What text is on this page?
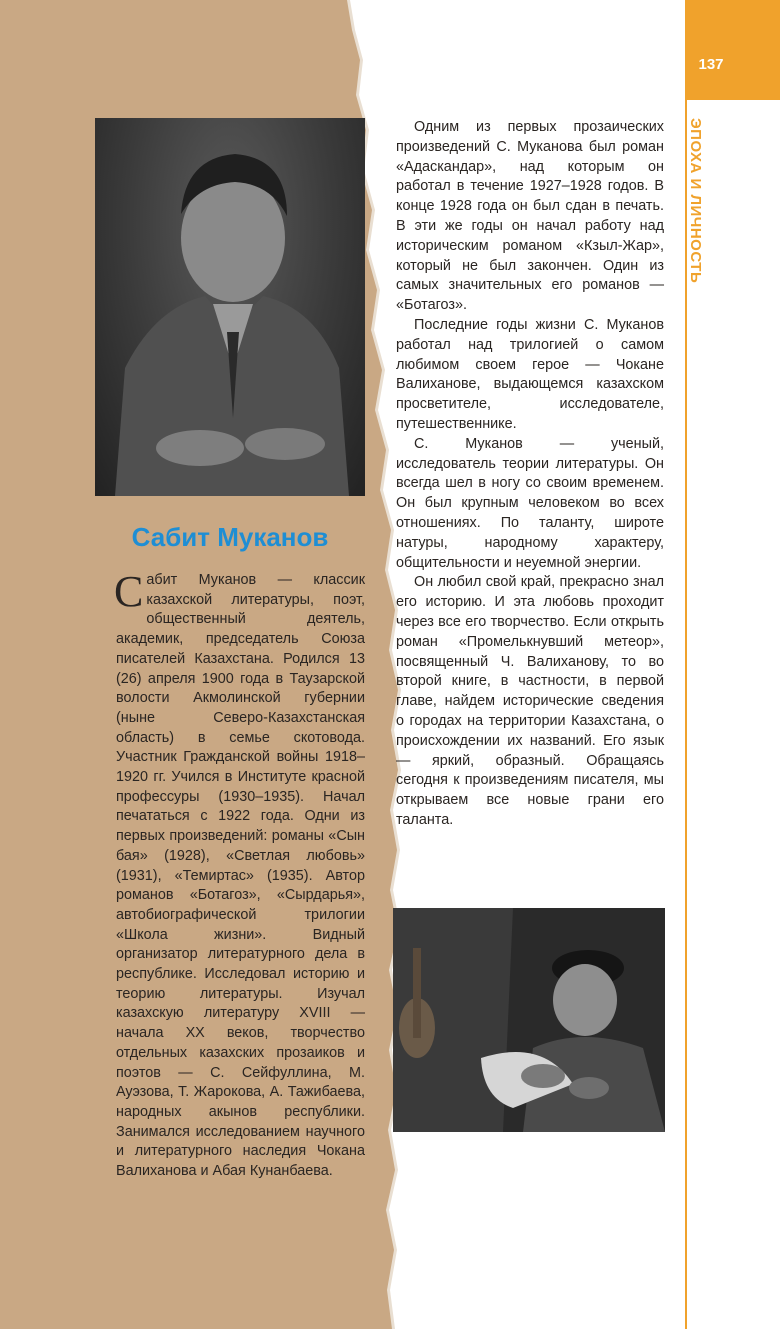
137
ЭПОХА И ЛИЧНОСТЬ
Сабит Муканов
Сабит Муканов — классик казахской литературы, поэт, общественный деятель, академик, председатель Союза писателей Казахстана. Родился 13 (26) апреля 1900 года в Таузарской волости Акмолинской губернии (ныне Северо-Казахстанская область) в семье скотовода. Участник Гражданской войны 1918–1920 гг. Учился в Институте красной профессуры (1930–1935). Начал печататься с 1922 года. Одни из первых произведений: романы «Сын бая» (1928), «Светлая любовь» (1931), «Темиртас» (1935). Автор романов «Ботагоз», «Сырдарья», автобиографической трилогии «Школа жизни». Видный организатор литературного дела в республике. Исследовал историю и теорию литературы. Изучал казахскую литературу XVIII — начала XX веков, творчество отдельных казахских прозаиков и поэтов — С. Сейфуллина, М. Ауэзова, Т. Жарокова, А. Тажибаева, народных акынов республики. Занимался исследованием научного и литературного наследия Чокана Валиханова и Абая Кунанбаева.

Одним из первых прозаических произведений С. Муканова был роман «Адаскандар», над которым он работал в течение 1927–1928 годов. В конце 1928 года он был сдан в печать. В эти же годы он начал работу над историческим романом «Кзыл-Жар», который не был закончен. Один из самых значительных его романов — «Ботагоз».

Последние годы жизни С. Муканов работал над трилогией о самом любимом своем герое — Чокане Валиханове, выдающемся казахском просветителе, исследователе, путешественнике.

С. Муканов — ученый, исследователь теории литературы. Он всегда шел в ногу со своим временем. Он был крупным человеком во всех отношениях. По таланту, широте натуры, народному характеру, общительности и неуемной энергии.

Он любил свой край, прекрасно знал его историю. И эта любовь проходит через все его творчество. Если открыть роман «Промелькнувший метеор», посвященный Ч. Валиханову, то во второй книге, в частности, в первой главе, найдем исторические сведения о городах на территории Казахстана, о происхождении их названий. Его язык — яркий, образный. Обращаясь сегодня к произведениям писателя, мы открываем все новые грани его таланта.
